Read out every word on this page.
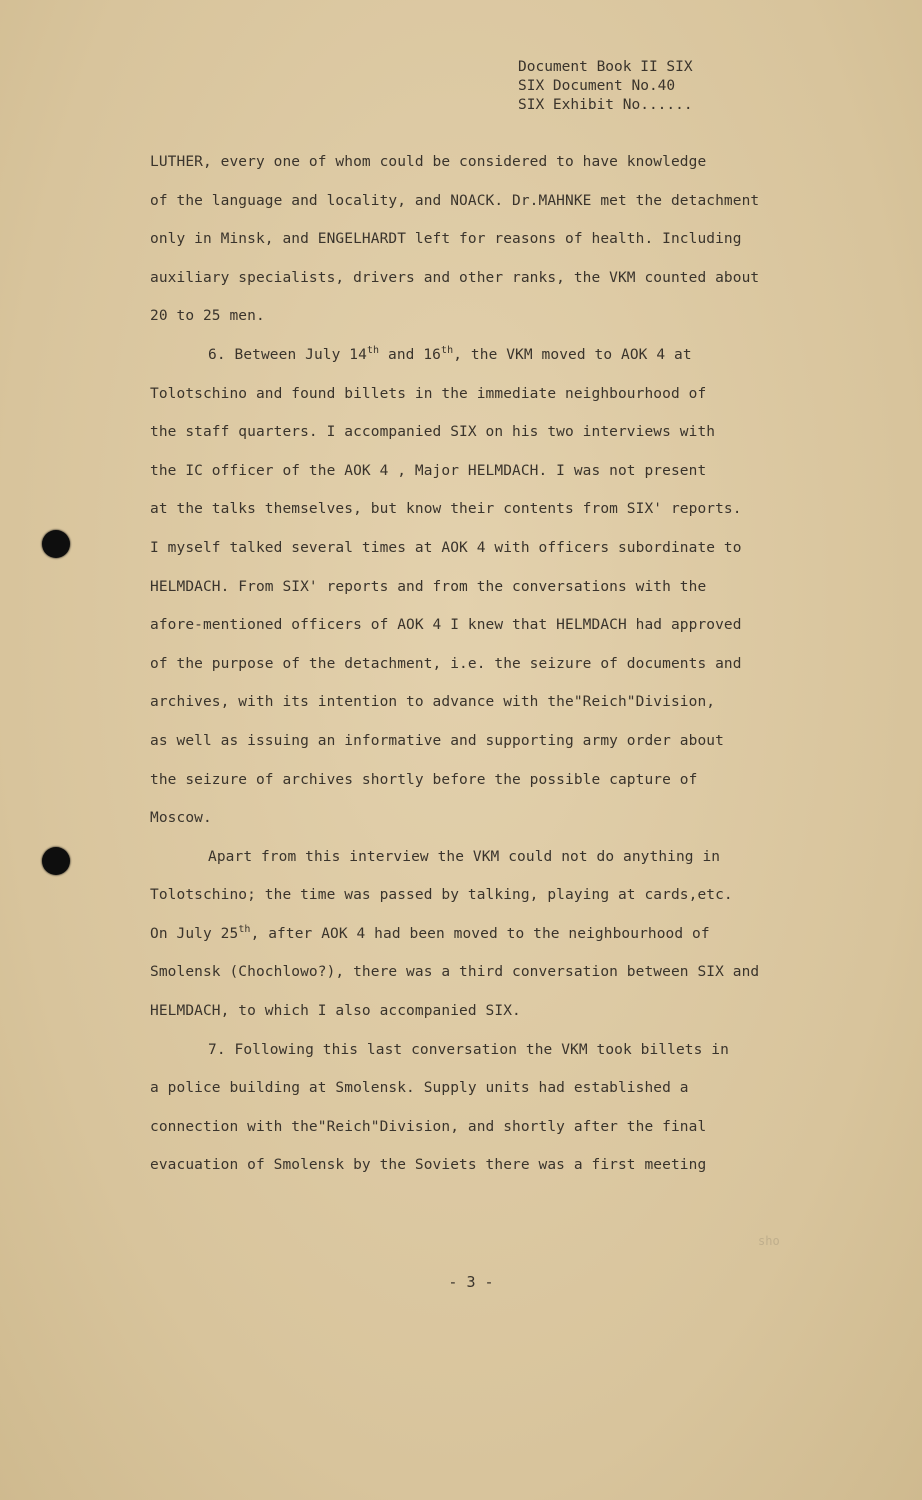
Document Book II SIX
SIX Document No.40
SIX Exhibit No......
LUTHER, every one of whom could be considered to have knowledge
of the language and locality, and NOACK. Dr.MAHNKE met the detachment
only in Minsk, and ENGELHARDT left for reasons of health. Including
auxiliary specialists, drivers and other ranks, the VKM counted about
20 to 25 men.
6. Between July 14th and 16th, the VKM moved to AOK 4 at
Tolotschino and found billets in the immediate neighbourhood of
the staff quarters. I accompanied SIX on his two interviews with
the IC officer of the AOK 4 , Major HELMDACH. I was not present
at the talks themselves, but know their contents from SIX' reports.
I myself talked several times at AOK 4 with officers subordinate to
HELMDACH. From SIX' reports and from the conversations with the
afore-mentioned officers of AOK 4 I knew that HELMDACH had approved
of the purpose of the detachment, i.e. the seizure of documents and
archives, with its intention to advance with the"Reich"Division,
as well as issuing an informative and supporting army order about
the seizure of archives shortly before the possible capture of
Moscow.
Apart from this interview the VKM could not do anything in
Tolotschino; the time was passed by talking, playing at cards,etc.
On July 25th, after AOK 4 had been moved to the neighbourhood of
Smolensk (Chochlowo?), there was a third conversation between SIX and
HELMDACH, to which I also accompanied SIX.
7. Following this last conversation the VKM took billets in
a police building at Smolensk. Supply units had established a
connection with the"Reich"Division, and shortly after the final
evacuation of Smolensk by the Soviets there was a first meeting
sho
- 3 -
